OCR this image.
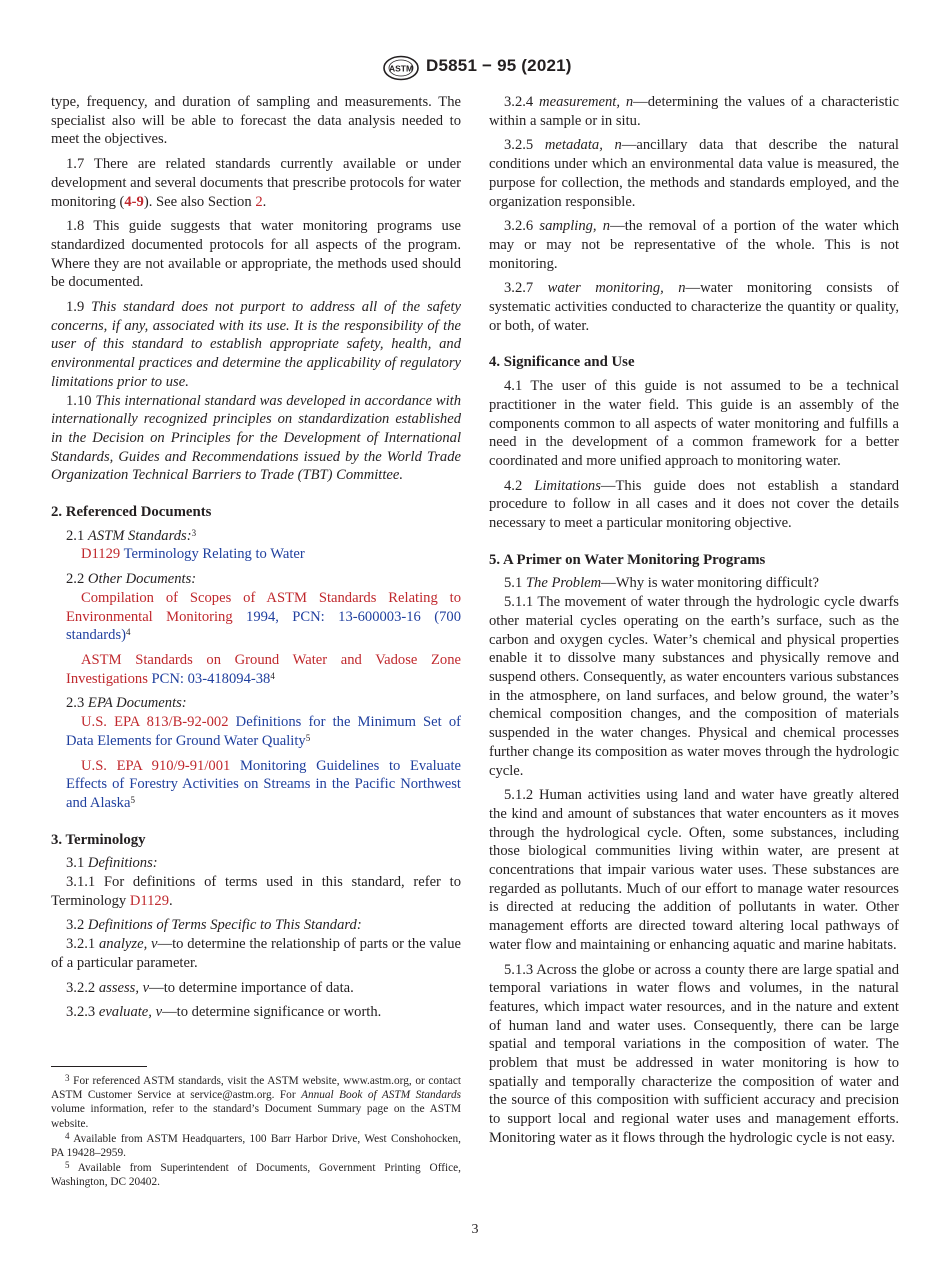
ASTM D5851 − 95 (2021)

type, frequency, and duration of sampling and measurements. The specialist also will be able to forecast the data analysis needed to meet the objectives.

1.7 There are related standards currently available or under development and several documents that prescribe protocols for water monitoring (4-9). See also Section 2.

1.8 This guide suggests that water monitoring programs use standardized documented protocols for all aspects of the program. Where they are not available or appropriate, the methods used should be documented.

1.9 This standard does not purport to address all of the safety concerns, if any, associated with its use. It is the responsibility of the user of this standard to establish appropriate safety, health, and environmental practices and determine the applicability of regulatory limitations prior to use.

1.10 This international standard was developed in accordance with internationally recognized principles on standardization established in the Decision on Principles for the Development of International Standards, Guides and Recommendations issued by the World Trade Organization Technical Barriers to Trade (TBT) Committee.

2. Referenced Documents

2.1 ASTM Standards:$^3$

D1129 Terminology Relating to Water

2.2 Other Documents:

Compilation of Scopes of ASTM Standards Relating to Environmental Monitoring 1994, PCN: 13-600003-16 (700 standards)$^4$

ASTM Standards on Ground Water and Vadose Zone Investigations PCN: $03-418094-38^4$

2.3 EPA Documents:

U.S. EPA 813/B-92-002 Definitions for the Minimum Set of Data Elements for Ground Water Quality$^5$

U.S. EPA 910/9-91/001 Monitoring Guidelines to Evaluate Effects of Forestry Activities on Streams in the Pacific Northwest and Alaska$^5$

3. Terminology

3.1 Definitions:

3.1.1 For definitions of terms used in this standard, refer to Terminology D1129.

3.2 Definitions of Terms Specific to This Standard:

3.2.1 analyze, v—to determine the relationship of parts or the value of a particular parameter.

3.2.2 assess, v—to determine importance of data.

3.2.3 evaluate, v—to determine significance or worth.

3.2.4 measurement, n—determining the values of a characteristic within a sample or in situ.

3.2.5 metadata, n—ancillary data that describe the natural conditions under which an environmental data value is measured, the purpose for collection, the methods and standards employed, and the organization responsible.

3.2.6 sampling, n—the removal of a portion of the water which may or may not be representative of the whole. This is not monitoring.

3.2.7 water monitoring, n—water monitoring consists of systematic activities conducted to characterize the quantity or quality, or both, of water.

4. Significance and Use

4.1 The user of this guide is not assumed to be a technical practitioner in the water field. This guide is an assembly of the components common to all aspects of water monitoring and fulfills a need in the development of a common framework for a better coordinated and more unified approach to monitoring water.

4.2 Limitations—This guide does not establish a standard procedure to follow in all cases and it does not cover the details necessary to meet a particular monitoring objective.

5. A Primer on Water Monitoring Programs

5.1 The Problem—Why is water monitoring difficult?

5.1.1 The movement of water through the hydrologic cycle dwarfs other material cycles operating on the earth’s surface, such as the carbon and oxygen cycles. Water’s chemical and physical properties enable it to dissolve many substances and physically remove and suspend others. Consequently, as water encounters various substances in the atmosphere, on land surfaces, and below ground, the water’s chemical composition changes, and the composition of materials suspended in the water changes. Physical and chemical processes further change its composition as water moves through the hydrologic cycle.

5.1.2 Human activities using land and water have greatly altered the kind and amount of substances that water encounters as it moves through the hydrological cycle. Often, some substances, including those biological communities living within water, are present at concentrations that impair various water uses. These substances are regarded as pollutants. Much of our effort to manage water resources is directed at reducing the addition of pollutants in water. Other management efforts are directed toward altering local pathways of water flow and maintaining or enhancing aquatic and marine habitats.

5.1.3 Across the globe or across a county there are large spatial and temporal variations in water flows and volumes, in the natural features, which impact water resources, and in the nature and extent of human land and water uses. Consequently, there can be large spatial and temporal variations in the composition of water. The problem that must be addressed in water monitoring is how to spatially and temporally characterize the composition of water and the source of this composition with sufficient accuracy and precision to support local and regional water uses and management efforts. Monitoring water as it flows through the hydrologic cycle is not easy.

$^3$ For referenced ASTM standards, visit the ASTM website, www.astm.org, or contact ASTM Customer Service at service@astm.org. For Annual Book of ASTM Standards volume information, refer to the standard’s Document Summary page on the ASTM website.

$^4$ Available from ASTM Headquarters, 100 Barr Harbor Drive, West Conshohocken, PA 19428–2959.

$^5$ Available from Superintendent of Documents, Government Printing Office, Washington, DC 20402.

3
